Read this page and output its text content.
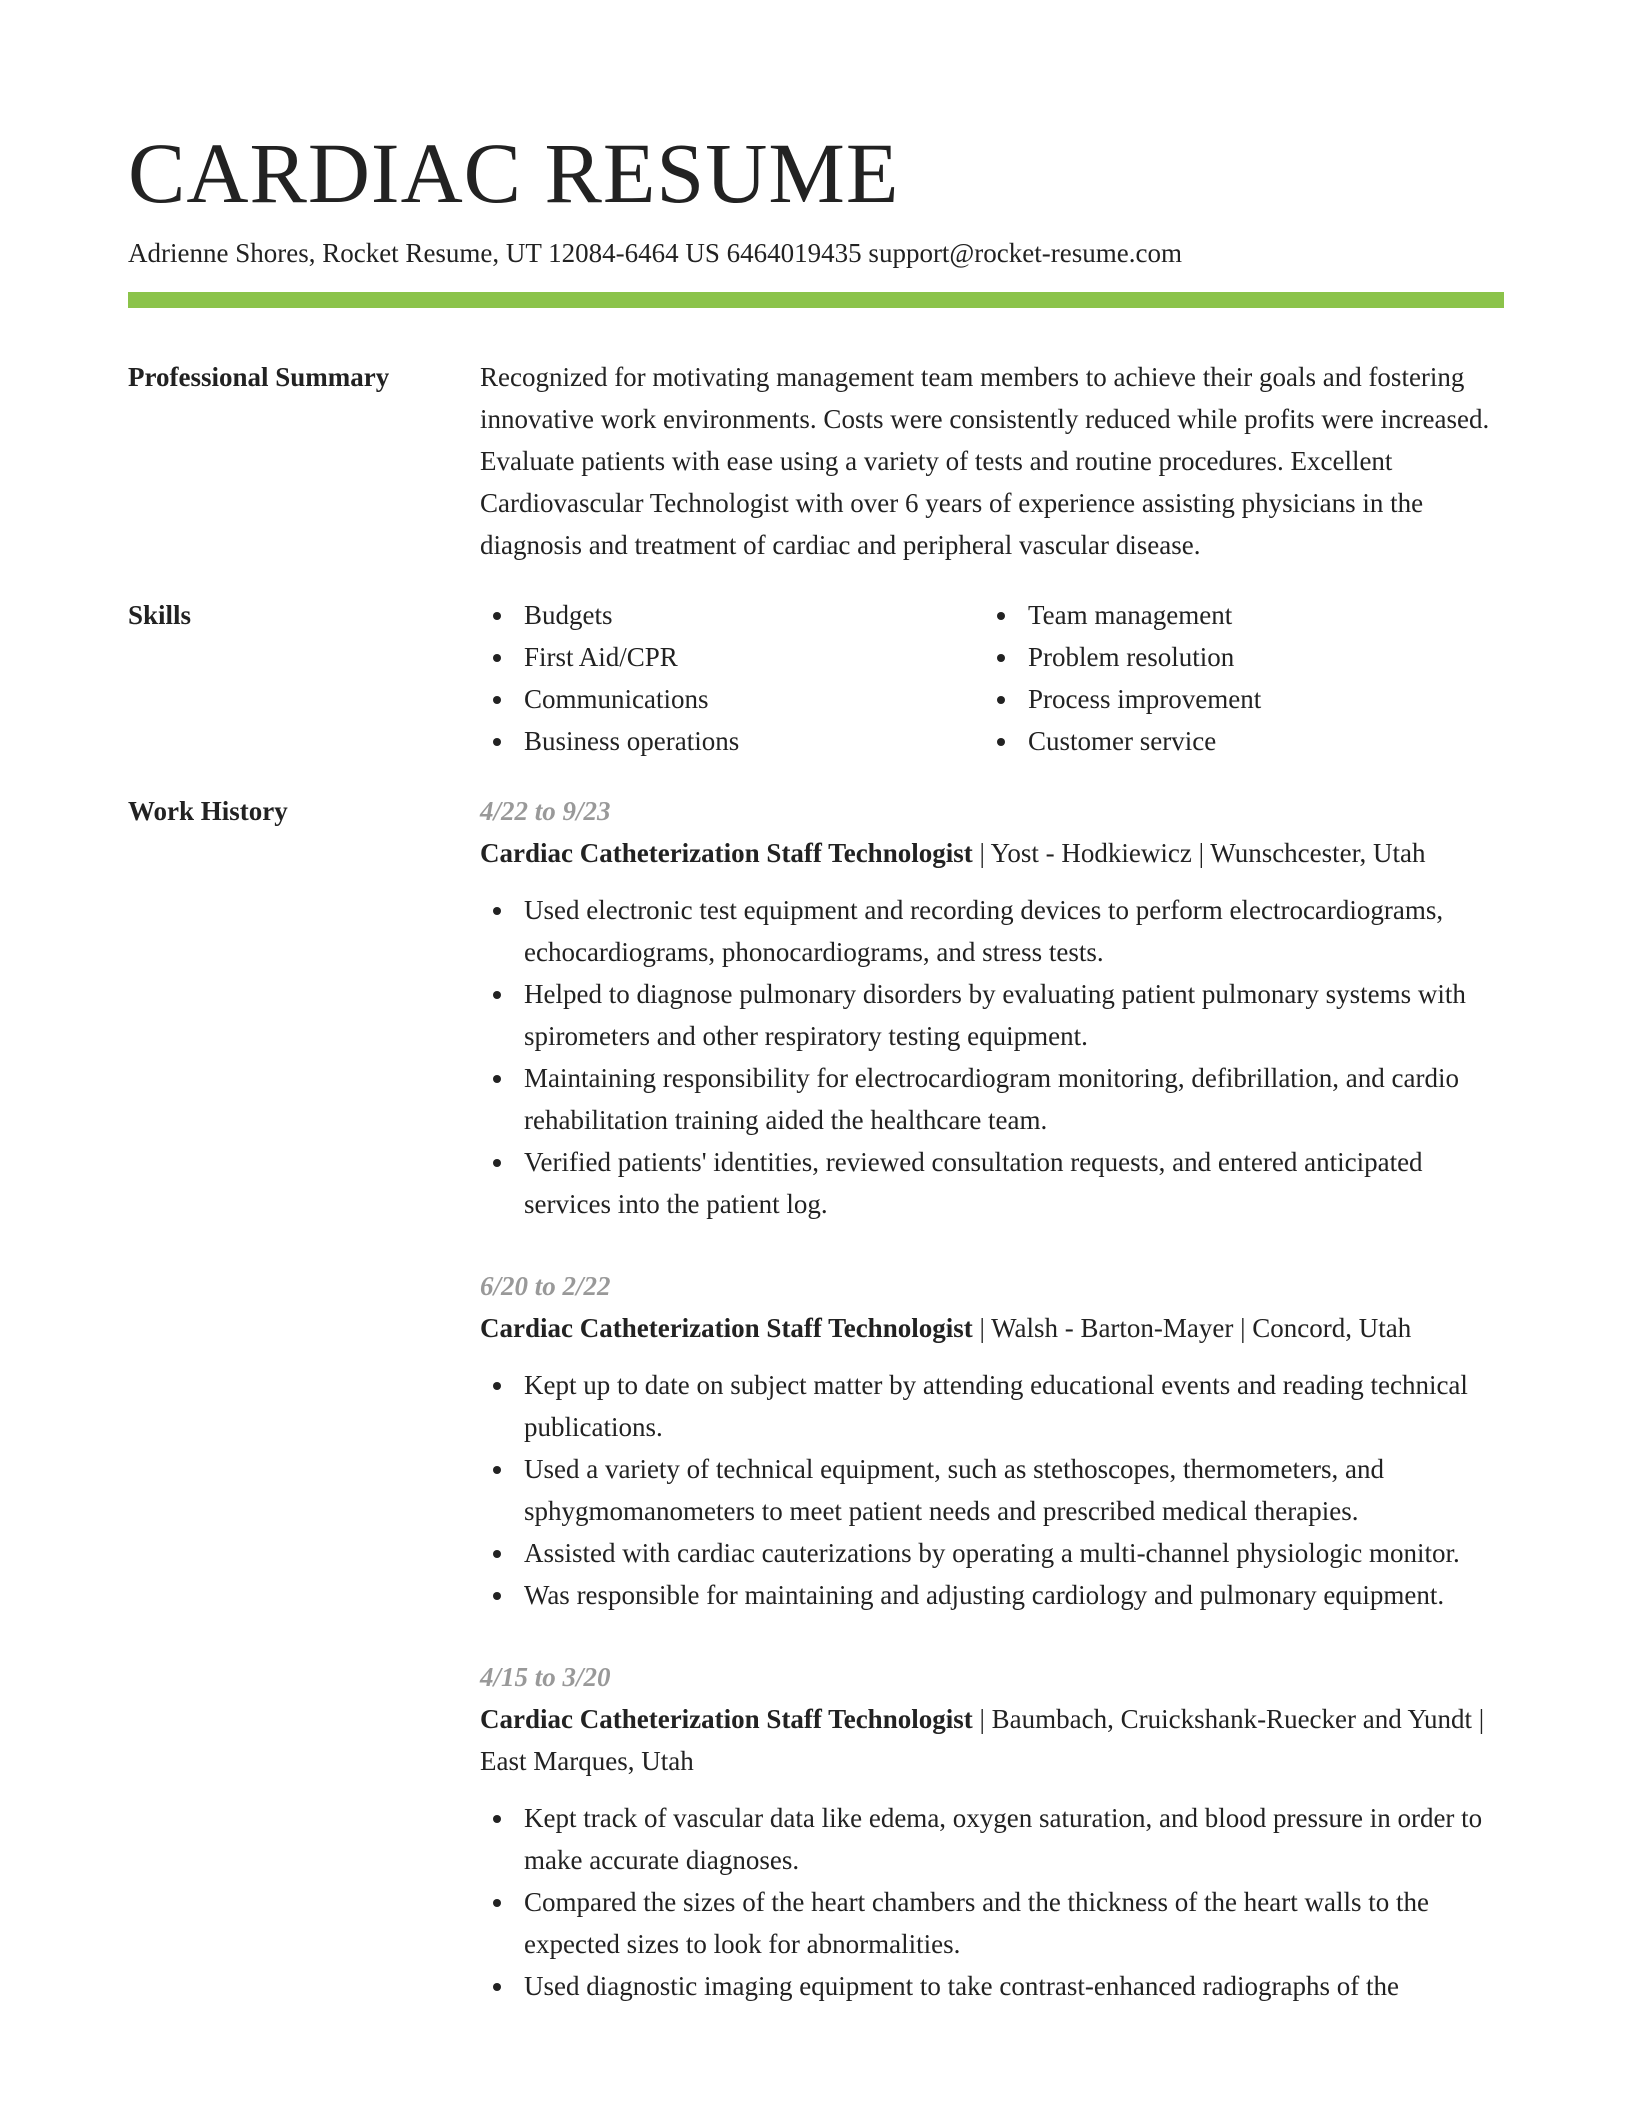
CARDIAC RESUME
Adrienne Shores, Rocket Resume, UT 12084-6464 US 6464019435 support@rocket-resume.com
Professional Summary	Recognized for motivating management team members to achieve their goals and fostering innovative work environments. Costs were consistently reduced while profits were increased. Evaluate patients with ease using a variety of tests and routine procedures. Excellent Cardiovascular Technologist with over 6 years of experience assisting physicians in the diagnosis and treatment of cardiac and peripheral vascular disease.
Skills	Budgets
First Aid/CPR
Communications
Business operations
Team management
Problem resolution
Process improvement
Customer service
Work History	4/22 to 9/23
Cardiac Catheterization Staff Technologist | Yost - Hodkiewicz | Wunschcester, Utah
Used electronic test equipment and recording devices to perform electrocardiograms, echocardiograms, phonocardiograms, and stress tests.
Helped to diagnose pulmonary disorders by evaluating patient pulmonary systems with spirometers and other respiratory testing equipment.
Maintaining responsibility for electrocardiogram monitoring, defibrillation, and cardio rehabilitation training aided the healthcare team.
Verified patients' identities, reviewed consultation requests, and entered anticipated services into the patient log.
6/20 to 2/22
Cardiac Catheterization Staff Technologist | Walsh - Barton-Mayer | Concord, Utah
Kept up to date on subject matter by attending educational events and reading technical publications.
Used a variety of technical equipment, such as stethoscopes, thermometers, and sphygmomanometers to meet patient needs and prescribed medical therapies.
Assisted with cardiac cauterizations by operating a multi-channel physiologic monitor.
Was responsible for maintaining and adjusting cardiology and pulmonary equipment.
4/15 to 3/20
Cardiac Catheterization Staff Technologist | Baumbach, Cruickshank-Ruecker and Yundt | East Marques, Utah
Kept track of vascular data like edema, oxygen saturation, and blood pressure in order to make accurate diagnoses.
Compared the sizes of the heart chambers and the thickness of the heart walls to the expected sizes to look for abnormalities.
Used diagnostic imaging equipment to take contrast-enhanced radiographs of the
